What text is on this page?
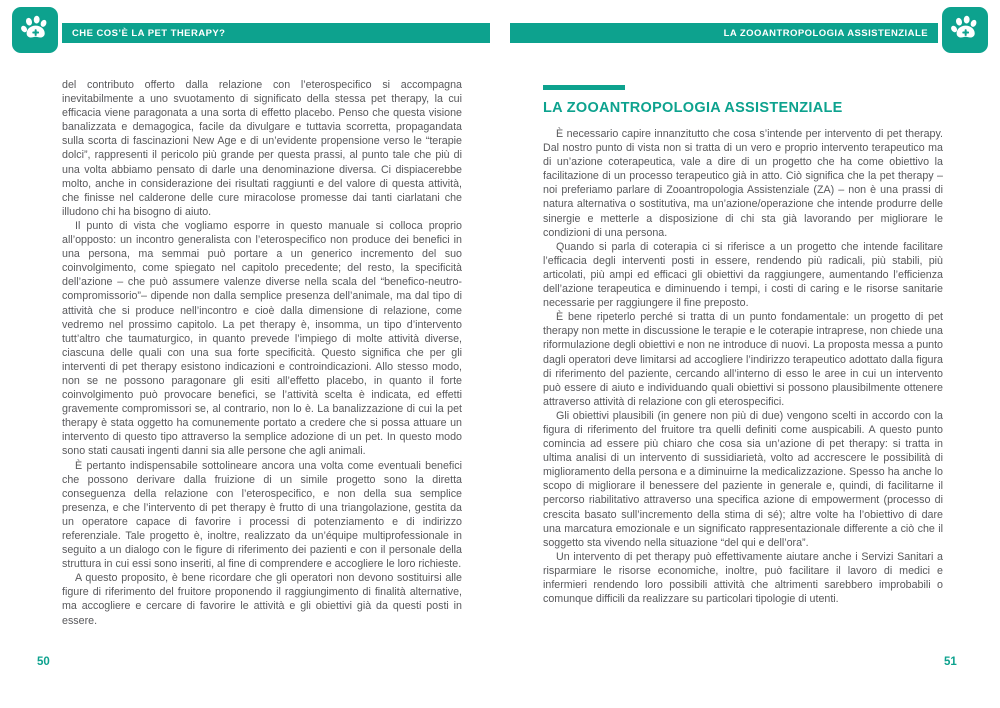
CHE COS’È LA PET THERAPY?	LA ZOOANTROPOLOGIA ASSISTENZIALE

del contributo offerto dalla relazione con l’eterospecifico si accompagna inevitabilmente a uno svuotamento di significato della stessa pet therapy, la cui efficacia viene paragonata a una sorta di effetto placebo. Penso che questa visione banalizzata e demagogica, facile da divulgare e tuttavia scorretta, propagandata sulla scorta di fascinazioni New Age e di un’evidente propensione verso le “terapie dolci”, rappresenti il pericolo più grande per questa prassi, al punto tale che più di una volta abbiamo pensato di darle una denominazione diversa. Ci dispiacerebbe molto, anche in considerazione dei risultati raggiunti e del valore di questa attività, che finisse nel calderone delle cure miracolose promesse dai tanti ciarlatani che illudono chi ha bisogno di aiuto.

Il punto di vista che vogliamo esporre in questo manuale si colloca proprio all’opposto: un incontro generalista con l’eterospecifico non produce dei benefici in una persona, ma semmai può portare a un generico incremento del suo coinvolgimento, come spiegato nel capitolo precedente; del resto, la specificità dell’azione – che può assumere valenze diverse nella scala del “benefico-neutro-compromissorio”– dipende non dalla semplice presenza dell’animale, ma dal tipo di attività che si produce nell’incontro e cioè dalla dimensione di relazione, come vedremo nel prossimo capitolo. La pet therapy è, insomma, un tipo d’intervento tutt’altro che taumaturgico, in quanto prevede l’impiego di molte attività diverse, ciascuna delle quali con una sua forte specificità. Questo significa che per gli interventi di pet therapy esistono indicazioni e controindicazioni. Allo stesso modo, non se ne possono paragonare gli esiti all’effetto placebo, in quanto il forte coinvolgimento può provocare benefici, se l’attività scelta è indicata, ed effetti gravemente compromissori se, al contrario, non lo è. La banalizzazione di cui la pet therapy è stata oggetto ha comunemente portato a credere che si possa attuare un intervento di questo tipo attraverso la semplice adozione di un pet. In questo modo sono stati causati ingenti danni sia alle persone che agli animali.

È pertanto indispensabile sottolineare ancora una volta come eventuali benefici che possono derivare dalla fruizione di un simile progetto sono la diretta conseguenza della relazione con l’eterospecifico, e non della sua semplice presenza, e che l’intervento di pet therapy è frutto di una triangolazione, gestita da un operatore capace di favorire i processi di potenziamento e di indirizzo referenziale. Tale progetto è, inoltre, realizzato da un’équipe multiprofessionale in seguito a un dialogo con le figure di riferimento dei pazienti e con il personale della struttura in cui essi sono inseriti, al fine di comprendere e accogliere le loro richieste.

A questo proposito, è bene ricordare che gli operatori non devono sostituirsi alle figure di riferimento del fruitore proponendo il raggiungimento di finalità alternative, ma accogliere e cercare di favorire le attività e gli obiettivi già da questi posti in essere.

LA ZOOANTROPOLOGIA ASSISTENZIALE

È necessario capire innanzitutto che cosa s’intende per intervento di pet therapy. Dal nostro punto di vista non si tratta di un vero e proprio intervento terapeutico ma di un’azione coterapeutica, vale a dire di un progetto che ha come obiettivo la facilitazione di un processo terapeutico già in atto. Ciò significa che la pet therapy – noi preferiamo parlare di Zooantropologia Assistenziale (ZA) – non è una prassi di natura alternativa o sostitutiva, ma un’azione/operazione che intende produrre delle sinergie e metterle a disposizione di chi sta già lavorando per migliorare le condizioni di una persona.

Quando si parla di coterapia ci si riferisce a un progetto che intende facilitare l’efficacia degli interventi posti in essere, rendendo più radicali, più stabili, più articolati, più ampi ed efficaci gli obiettivi da raggiungere, aumentando l’efficienza dell’azione terapeutica e diminuendo i tempi, i costi di caring e le risorse sanitarie necessarie per raggiungere il fine preposto.

È bene ripeterlo perché si tratta di un punto fondamentale: un progetto di pet therapy non mette in discussione le terapie e le coterapie intraprese, non chiede una riformulazione degli obiettivi e non ne introduce di nuovi. La proposta messa a punto dagli operatori deve limitarsi ad accogliere l’indirizzo terapeutico adottato dalla figura di riferimento del paziente, cercando all’interno di esso le aree in cui un intervento può essere di aiuto e individuando quali obiettivi si possono plausibilmente ottenere attraverso attività di relazione con gli eterospecifici.

Gli obiettivi plausibili (in genere non più di due) vengono scelti in accordo con la figura di riferimento del fruitore tra quelli definiti come auspicabili. A questo punto comincia ad essere più chiaro che cosa sia un’azione di pet therapy: si tratta in ultima analisi di un intervento di sussidiarietà, volto ad accrescere le possibilità di miglioramento della persona e a diminuirne la medicalizzazione. Spesso ha anche lo scopo di migliorare il benessere del paziente in generale e, quindi, di facilitarne il percorso riabilitativo attraverso una specifica azione di empowerment (processo di crescita basato sull’incremento della stima di sé); altre volte ha l’obiettivo di dare una marcatura emozionale e un significato rappresentazionale differente a ciò che il soggetto sta vivendo nella situazione “del qui e dell’ora”.

Un intervento di pet therapy può effettivamente aiutare anche i Servizi Sanitari a risparmiare le risorse economiche, inoltre, può facilitare il lavoro di medici e infermieri rendendo loro possibili attività che altrimenti sarebbero improbabili o comunque difficili da realizzare su particolari tipologie di utenti.

50	51
